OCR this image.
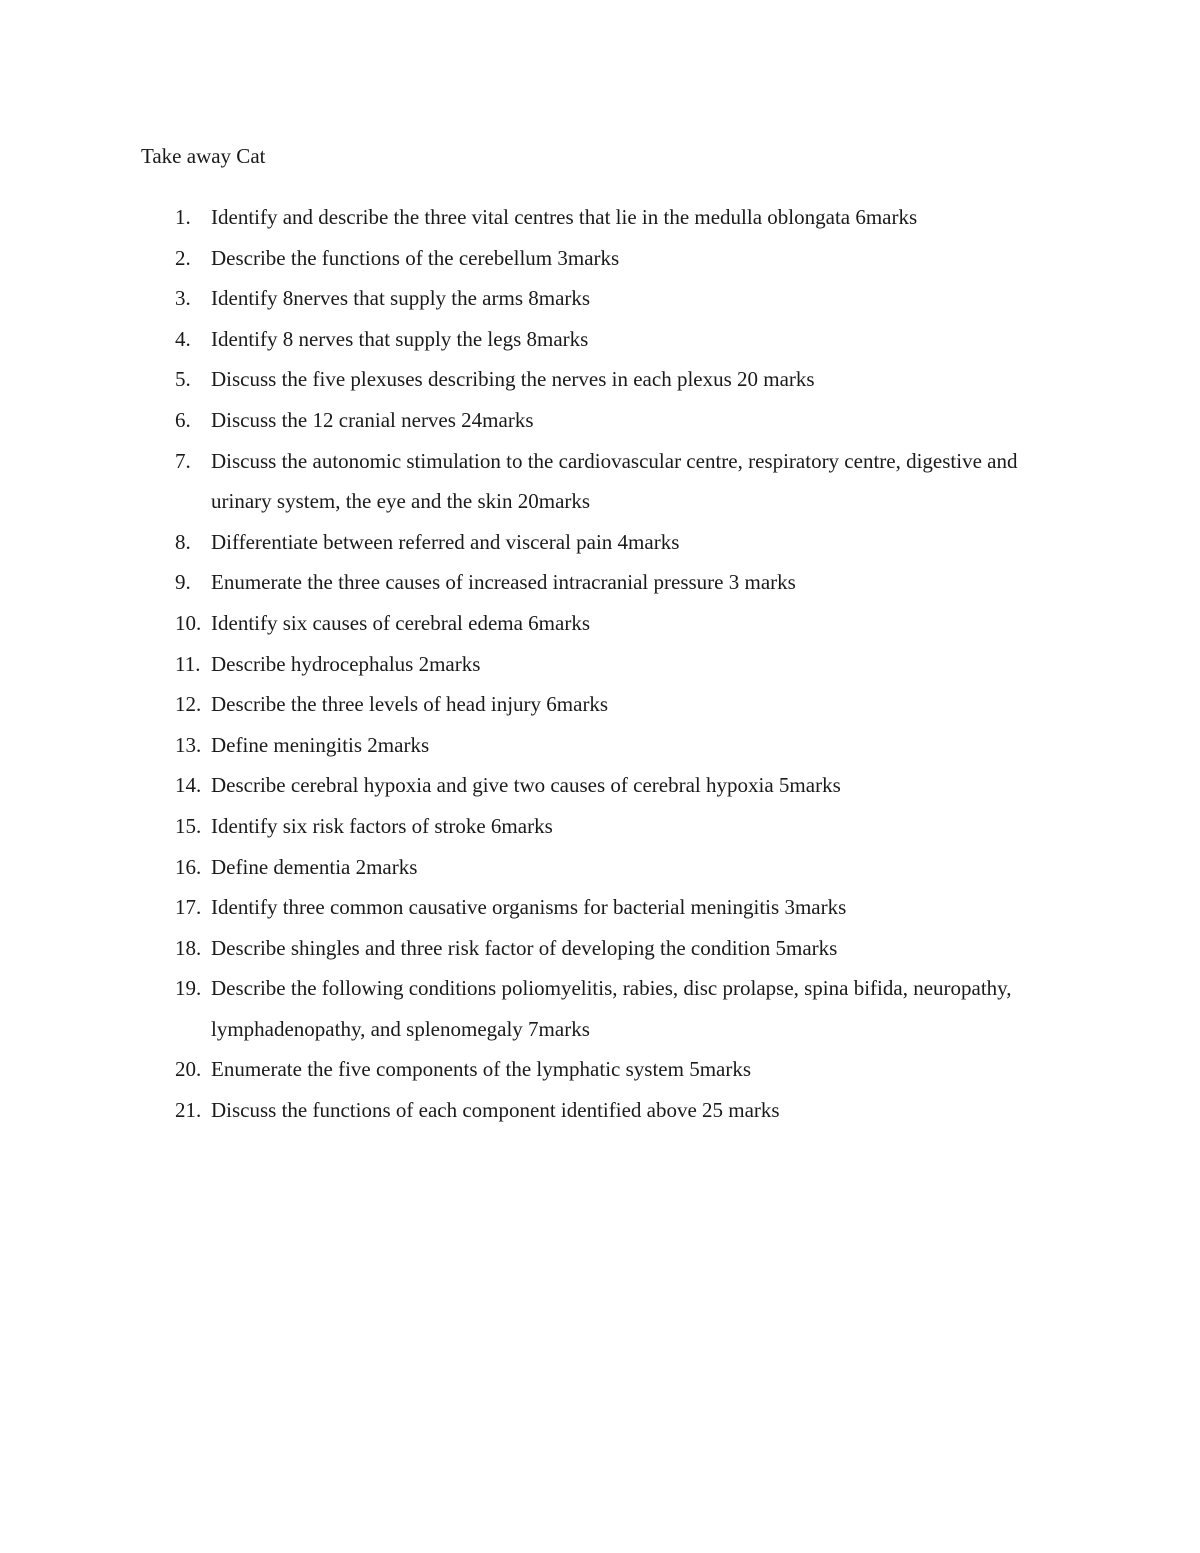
Take away Cat
1. Identify and describe the three vital centres that lie in the medulla oblongata 6marks
2. Describe the functions of the cerebellum 3marks
3. Identify 8nerves that supply the arms 8marks
4. Identify 8 nerves that supply the legs 8marks
5. Discuss the five plexuses describing the nerves in each plexus 20 marks
6. Discuss the 12 cranial nerves 24marks
7. Discuss the autonomic stimulation to the cardiovascular centre, respiratory centre, digestive and urinary system, the eye and the skin 20marks
8. Differentiate between referred and visceral pain 4marks
9. Enumerate the three causes of increased intracranial pressure 3 marks
10. Identify six causes of cerebral edema 6marks
11. Describe hydrocephalus 2marks
12. Describe the three levels of head injury 6marks
13. Define meningitis 2marks
14. Describe cerebral hypoxia and give two causes of cerebral hypoxia 5marks
15. Identify six risk factors of stroke 6marks
16. Define dementia 2marks
17. Identify three common causative organisms for bacterial meningitis 3marks
18. Describe shingles and three risk factor of developing the condition 5marks
19. Describe the following conditions poliomyelitis, rabies, disc prolapse, spina bifida, neuropathy, lymphadenopathy, and splenomegaly 7marks
20. Enumerate the five components of the lymphatic system 5marks
21. Discuss the functions of each component identified above 25 marks
